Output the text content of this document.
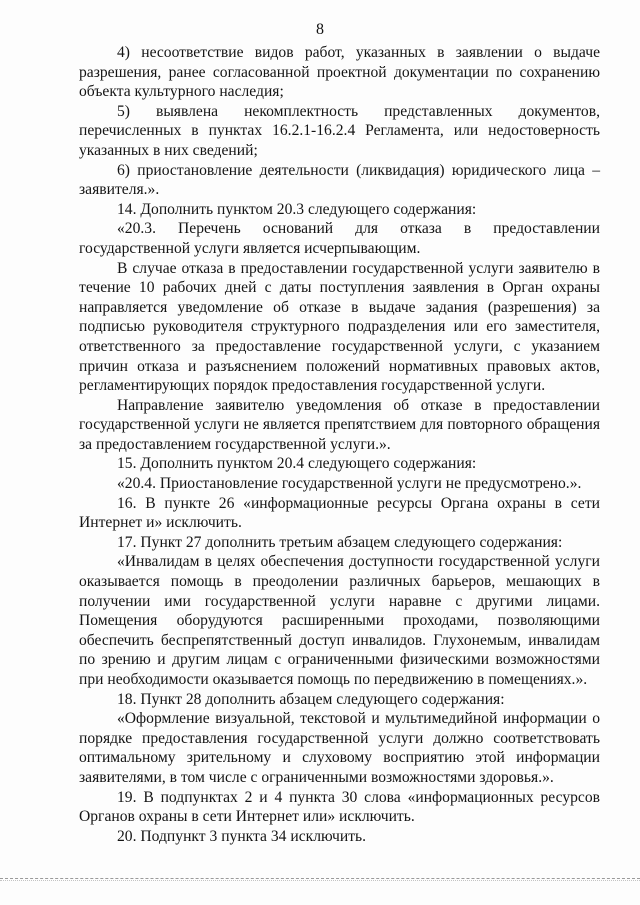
8

4) несоответствие видов работ, указанных в заявлении о выдаче разрешения, ранее согласованной проектной документации по сохранению объекта культурного наследия;

5) выявлена некомплектность представленных документов, перечисленных в пунктах 16.2.1-16.2.4 Регламента, или недостоверность указанных в них сведений;

6) приостановление деятельности (ликвидация) юридического лица – заявителя.».

14. Дополнить пунктом 20.3 следующего содержания:

«20.3. Перечень оснований для отказа в предоставлении государственной услуги является исчерпывающим.

В случае отказа в предоставлении государственной услуги заявителю в течение 10 рабочих дней с даты поступления заявления в Орган охраны направляется уведомление об отказе в выдаче задания (разрешения) за подписью руководителя структурного подразделения или его заместителя, ответственного за предоставление государственной услуги, с указанием причин отказа и разъяснением положений нормативных правовых актов, регламентирующих порядок предоставления государственной услуги.

Направление заявителю уведомления об отказе в предоставлении государственной услуги не является препятствием для повторного обращения за предоставлением государственной услуги.».

15. Дополнить пунктом 20.4 следующего содержания:

«20.4. Приостановление государственной услуги не предусмотрено.».

16. В пункте 26 «информационные ресурсы Органа охраны в сети Интернет и» исключить.

17. Пункт 27 дополнить третьим абзацем следующего содержания:

«Инвалидам в целях обеспечения доступности государственной услуги оказывается помощь в преодолении различных барьеров, мешающих в получении ими государственной услуги наравне с другими лицами. Помещения оборудуются расширенными проходами, позволяющими обеспечить беспрепятственный доступ инвалидов. Глухонемым, инвалидам по зрению и другим лицам с ограниченными физическими возможностями при необходимости оказывается помощь по передвижению в помещениях.».

18. Пункт 28 дополнить абзацем следующего содержания:

«Оформление визуальной, текстовой и мультимедийной информации о порядке предоставления государственной услуги должно соответствовать оптимальному зрительному и слуховому восприятию этой информации заявителями, в том числе с ограниченными возможностями здоровья.».

19. В подпунктах 2 и 4 пункта 30 слова «информационных ресурсов Органов охраны в сети Интернет или» исключить.

20. Подпункт 3 пункта 34 исключить.
